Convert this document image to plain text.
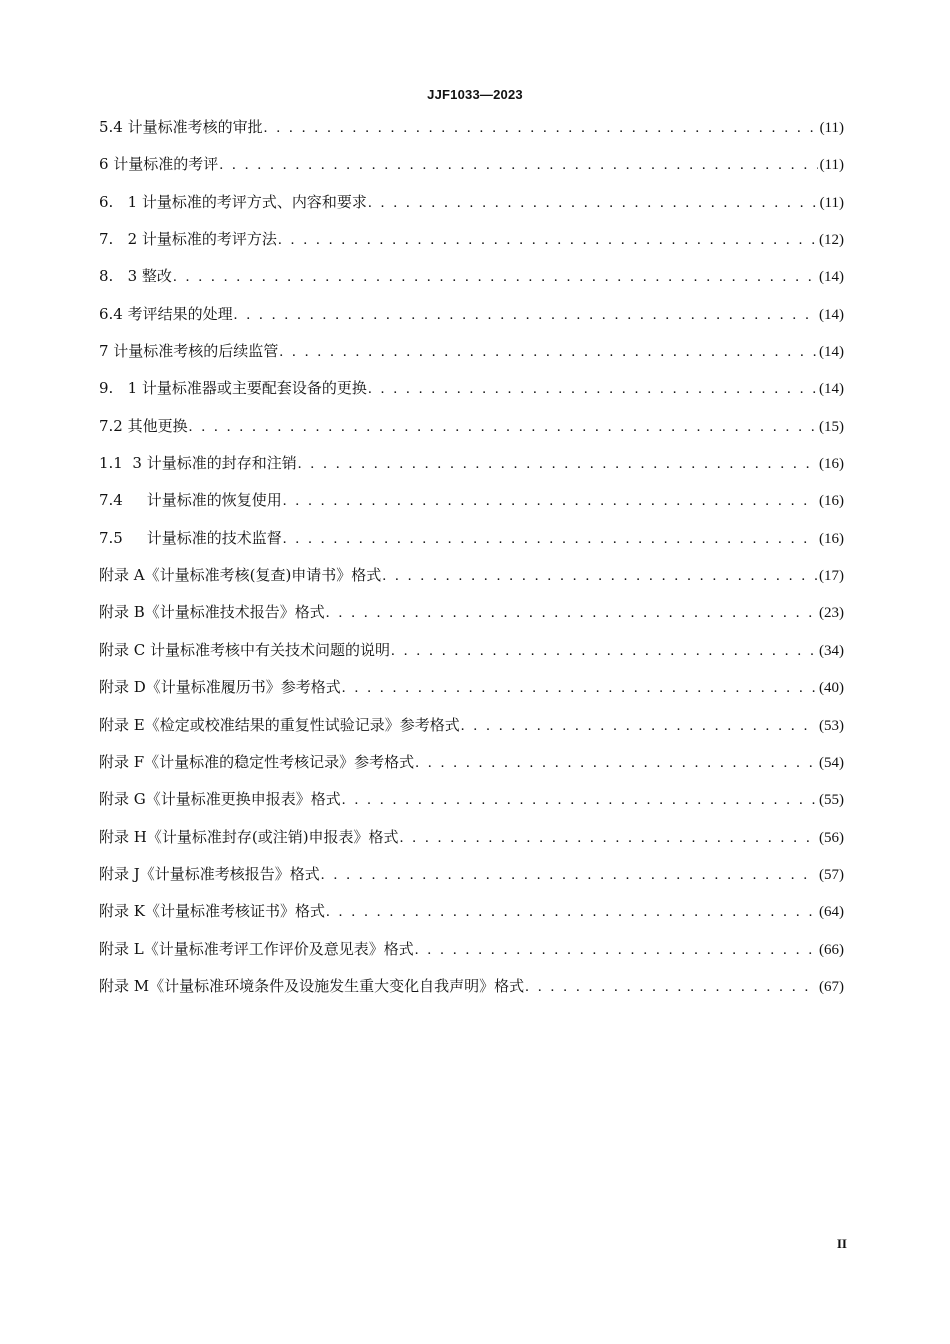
JJF1033—2023
5.4 计量标准考核的审批 . . .	(11)
6 计量标准的考评 . . .	(11)
6.   1 计量标准的考评方式、内容和要求 . . .	(11)
7.   2 计量标准的考评方法 . . .	(12)
8.   3 整改 . . .	(14)
6.4 考评结果的处理 . . .	(14)
7 计量标准考核的后续监管 . . .	(14)
9.   1 计量标准器或主要配套设备的更换 . . .	(14)
7.2 其他更换 . . .	(15)
1.1  3 计量标准的封存和注销 . . .	(16)
7.4     计量标准的恢复使用 . . .	(16)
7.5     计量标准的技术监督 . . .	(16)
附录 A《计量标准考核(复查)申请书》格式 . . .	(17)
附录 B《计量标准技术报告》格式 . . .	(23)
附录 C 计量标准考核中有关技术问题的说明 . . .	(34)
附录 D《计量标准履历书》参考格式 . . .	(40)
附录 E《检定或校准结果的重复性试验记录》参考格式 . . .	(53)
附录 F《计量标准的稳定性考核记录》参考格式 . . .	(54)
附录 G《计量标准更换申报表》格式 . . .	(55)
附录 H《计量标准封存(或注销)申报表》格式 . . .	(56)
附录 J《计量标准考核报告》格式 . . .	(57)
附录 K《计量标准考核证书》格式 . . .	(64)
附录 L《计量标准考评工作评价及意见表》格式 . . .	(66)
附录 M《计量标准环境条件及设施发生重大变化自我声明》格式 . . .	(67)
II
